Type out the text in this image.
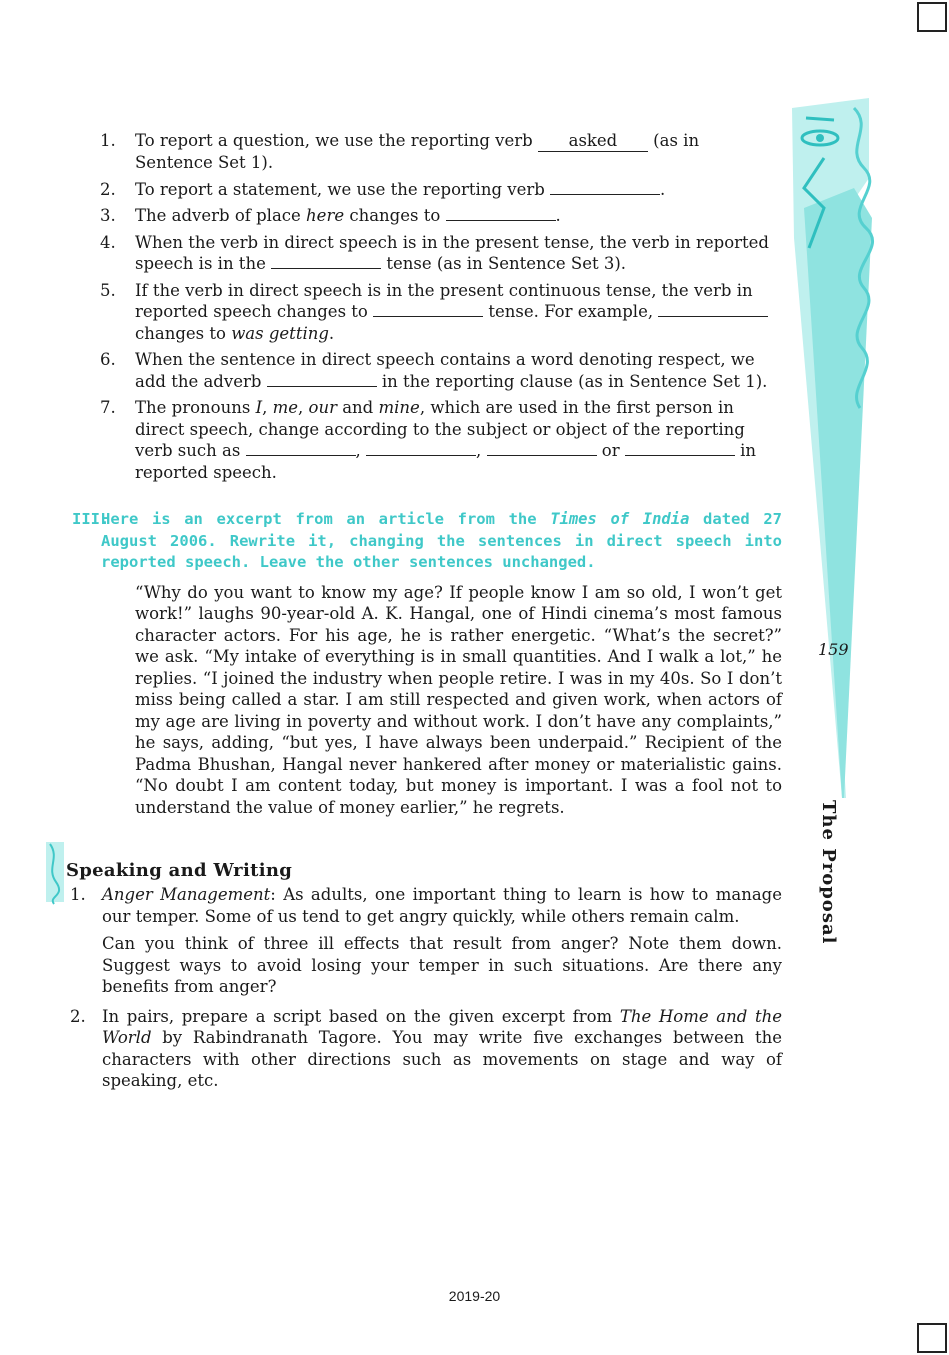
159
The Proposal
1. To report a question, we use the reporting verb asked (as in Sentence Set 1).
2. To report a statement, we use the reporting verb	.
3. The adverb of place here changes to	.
4. When the verb in direct speech is in the present tense, the verb in reported speech is in the	tense (as in Sentence Set 3).
5. If the verb in direct speech is in the present continuous tense, the verb in reported speech changes to	tense. For example,  changes to was getting.
6. When the sentence in direct speech contains a word denoting respect, we add the adverb	in the reporting clause (as in Sentence Set 1).
7. The pronouns I, me, our and mine, which are used in the first person in direct speech, change according to the subject or object of the reporting verb such as	,	,	or	in reported speech.
III.
Here is an excerpt from an article from the Times of India dated 27 August 2006. Rewrite it, changing the sentences in direct speech into reported speech. Leave the other sentences unchanged.
“Why do you want to know my age? If people know I am so old, I won’t get work!” laughs 90-year-old A. K. Hangal, one of Hindi cinema’s most famous character actors. For his age, he is rather energetic. “What’s the secret?” we ask. “My intake of everything is in small quantities. And I walk a lot,” he replies. “I joined the industry when people retire. I was in my 40s. So I don’t miss being called a star. I am still respected and given work, when actors of my age are living in poverty and without work. I don’t have any complaints,” he says, adding, “but yes, I have always been underpaid.” Recipient of the Padma Bhushan, Hangal never hankered after money or materialistic gains. “No doubt I am content today, but money is important. I was a fool not to understand the value of money earlier,” he regrets.
Speaking and Writing
1. Anger Management: As adults, one important thing to learn is how to manage our temper. Some of us tend to get angry quickly, while others remain calm.

Can you think of three ill effects that result from anger? Note them down. Suggest ways to avoid losing your temper in such situations. Are there any benefits from anger?

2. In pairs, prepare a script based on the given excerpt from The Home and the World by Rabindranath Tagore. You may write five exchanges between the characters with other directions such as movements on stage and way of speaking, etc.

2019-20
